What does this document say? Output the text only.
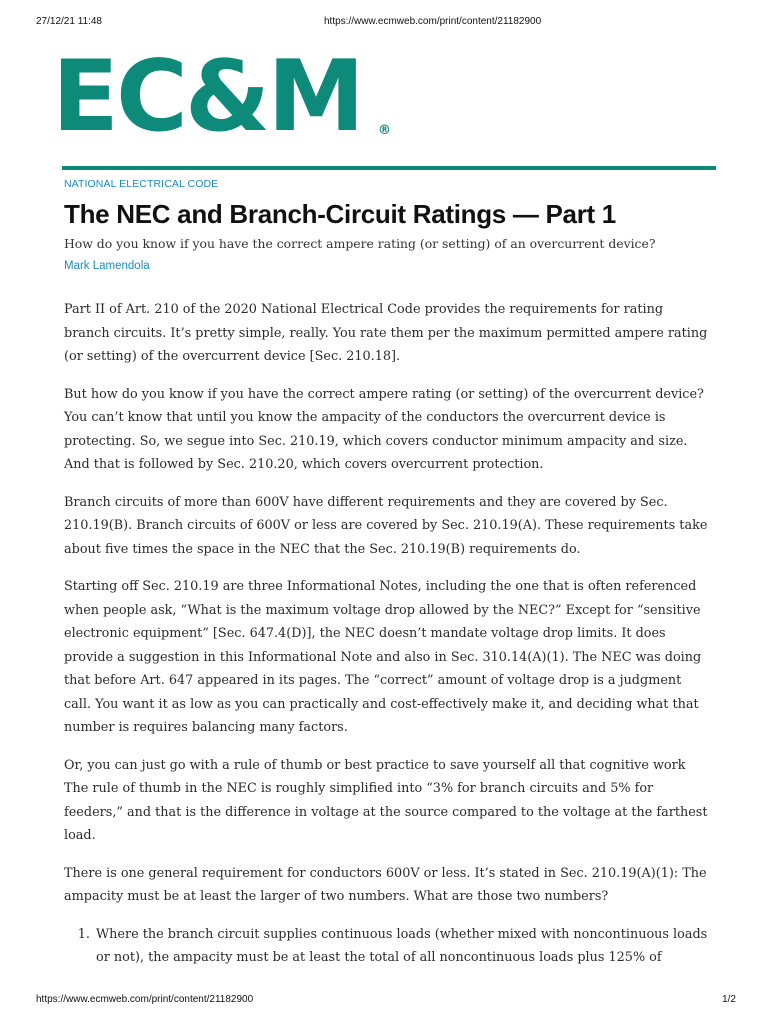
27/12/21 11:48	https://www.ecmweb.com/print/content/21182900
EC&M ®
NATIONAL ELECTRICAL CODE
The NEC and Branch-Circuit Ratings — Part 1
How do you know if you have the correct ampere rating (or setting) of an overcurrent device?
Mark Lamendola

Part II of Art. 210 of the 2020 National Electrical Code provides the requirements for rating branch circuits. It’s pretty simple, really. You rate them per the maximum permitted ampere rating (or setting) of the overcurrent device [Sec. 210.18].

But how do you know if you have the correct ampere rating (or setting) of the overcurrent device? You can’t know that until you know the ampacity of the conductors the overcurrent device is protecting. So, we segue into Sec. 210.19, which covers conductor minimum ampacity and size. And that is followed by Sec. 210.20, which covers overcurrent protection.

Branch circuits of more than 600V have different requirements and they are covered by Sec. 210.19(B). Branch circuits of 600V or less are covered by Sec. 210.19(A). These requirements take about five times the space in the NEC that the Sec. 210.19(B) requirements do.

Starting off Sec. 210.19 are three Informational Notes, including the one that is often referenced when people ask, “What is the maximum voltage drop allowed by the NEC?” Except for “sensitive electronic equipment” [Sec. 647.4(D)], the NEC doesn’t mandate voltage drop limits. It does provide a suggestion in this Informational Note and also in Sec. 310.14(A)(1). The NEC was doing that before Art. 647 appeared in its pages. The “correct” amount of voltage drop is a judgment call. You want it as low as you can practically and cost-effectively make it, and deciding what that number is requires balancing many factors.

Or, you can just go with a rule of thumb or best practice to save yourself all that cognitive work The rule of thumb in the NEC is roughly simplified into “3% for branch circuits and 5% for feeders,” and that is the difference in voltage at the source compared to the voltage at the farthest load.

There is one general requirement for conductors 600V or less. It’s stated in Sec. 210.19(A)(1): The ampacity must be at least the larger of two numbers. What are those two numbers?

1. Where the branch circuit supplies continuous loads (whether mixed with noncontinuous loads or not), the ampacity must be at least the total of all noncontinuous loads plus 125% of
https://www.ecmweb.com/print/content/21182900	1/2
